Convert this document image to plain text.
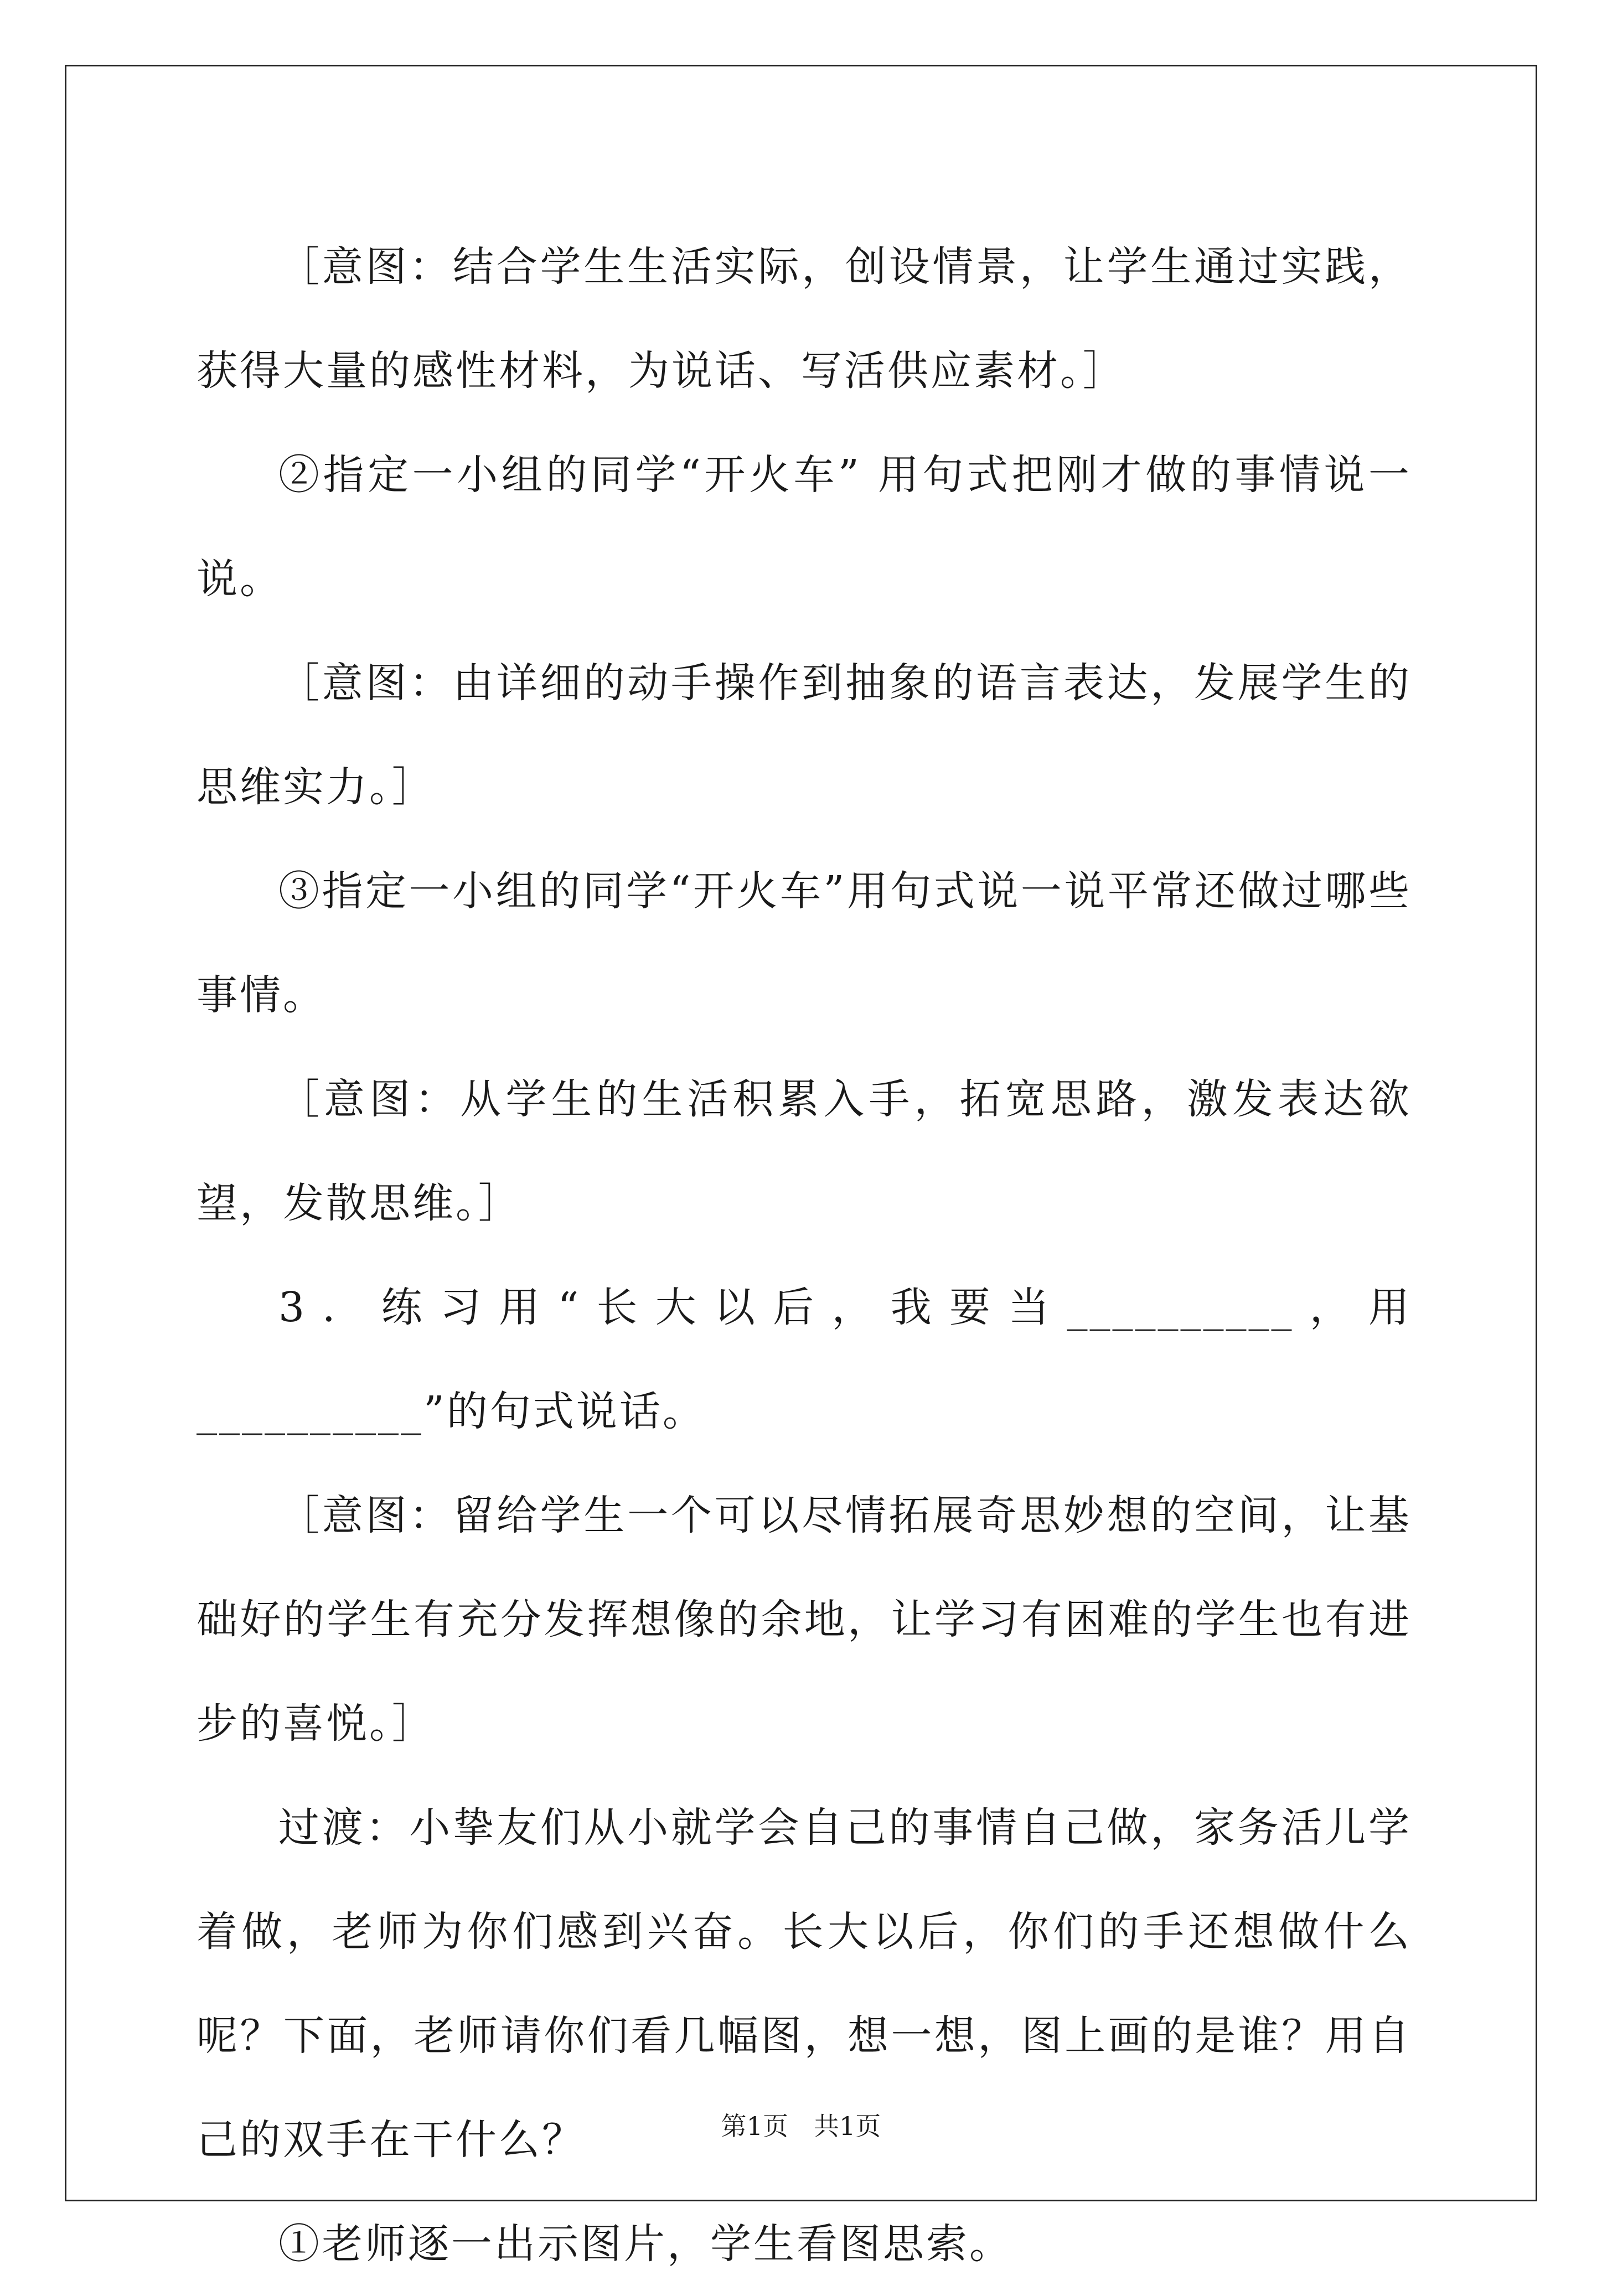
［意图：结合学生生活实际，创设情景，让学生通过实践，获得大量的感性材料，为说话、写活供应素材。］

②指定一小组的同学“开火车” 用句式把刚才做的事情说一说。

［意图：由详细的动手操作到抽象的语言表达，发展学生的思维实力。］

③指定一小组的同学“开火车”用句式说一说平常还做过哪些事情。

［意图：从学生的生活积累入手，拓宽思路，激发表达欲望，发散思维。］

3．练习用“长大以后，我要当__________，用__________”的句式说话。

［意图：留给学生一个可以尽情拓展奇思妙想的空间，让基础好的学生有充分发挥想像的余地，让学习有困难的学生也有进步的喜悦。］

过渡：小挚友们从小就学会自己的事情自己做，家务活儿学着做，老师为你们感到兴奋。长大以后，你们的手还想做什么呢？下面，老师请你们看几幅图，想一想，图上画的是谁？用自己的双手在干什么？

①老师逐一出示图片，学生看图思索。

第1页　共1页
